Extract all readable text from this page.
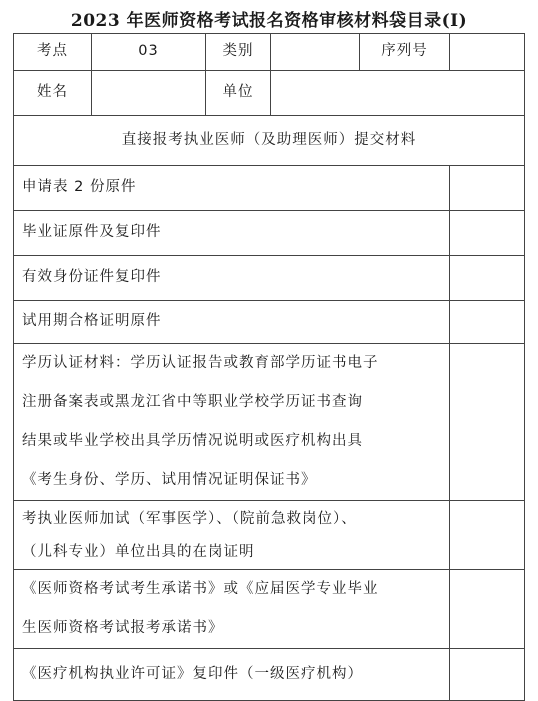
2023 年医师资格考试报名资格审核材料袋目录(I)
考点	03	类别		序列号	
姓名		单位			
直接报考执业医师（及助理医师）提交材料					
申请表 2 份原件					
毕业证原件及复印件					
有效身份证件复印件					
试用期合格证明原件					
学历认证材料：学历认证报告或教育部学历证书电子
注册备案表或黑龙江省中等职业学校学历证书查询
结果或毕业学校出具学历情况说明或医疗机构出具
《考生身份、学历、试用情况证明保证书》					
考执业医师加试（军事医学）、（院前急救岗位）、
（儿科专业）单位出具的在岗证明					
《医师资格考试考生承诺书》或《应届医学专业毕业
生医师资格考试报考承诺书》					
《医疗机构执业许可证》复印件（一级医疗机构）					
